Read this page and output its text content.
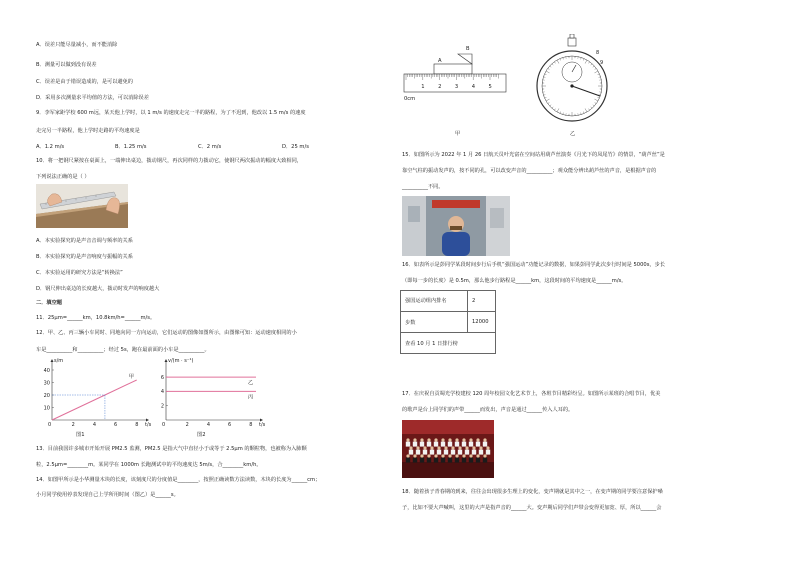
A．误差只能尽量减小，而不能消除
B．测量可以做到没有误差
C．误差是由于错误造成的，是可以避免的
D．采用多次测量求平均值的方法，可以消除误差
9．李军家距学校 600 m远，某天他上学时，以 1 m/s 的速度走完一半的路程，为了不迟到，他改以 1.5 m/s 的速度
走完另一半路程，他上学时走路的平均速度是
A．1.2 m/s	B．1.25 m/s	C．2 m/s	D．25 m/s
10．将一把钢尺紧按在桌面上，一端伸出桌边，拨动钢尺，再次同样的力拨动它，使钢尺两次振动的幅度大致相同，
下列说法正确的是（ ）
A．本实验探究的是声音音调与频率的关系
B．本实验探究的是声音响度与振幅的关系
C．本实验运用的研究方法是“转换法”
D．钢尺伸出桌边的长度越大，拨动时发声的响度越大
二．填空题
11．25μm=______km，10.8km/h=______m/s。
12．甲、乙、丙三辆小车同时、同地向同一方向运动，它们运动的图像如图所示，由图像可知：运动速度相同的小
车是__________和__________；经过 5s，跑在最前面的小车是__________。
0	2	4	6	8
10
20
30
40
t/s
s/m
甲
0	2	4	6	8
2
4
6
t/s
v/(m · s⁻¹)
乙
丙
图1	图2
13．目前我国许多城市开始开展 PM2.5 监测，PM2.5 是指大气中直径小于或等于 2.5μm 的颗粒物，也被称为入肺颗
粒，2.5μm=________m。某同学在 1000m 长跑测试中的平均速度达 5m/s，合________km/h。
14．如图甲所示是小华测量木块的长度，该刻度尺的分度值是________，按照正确读数方法读数，木块的长度为______cm；
小月同学使用停表发现自己上学所用时间（图乙）是______s。
0cm
1	2	3	4	5
A
B
甲
8
9
乙
15．如图所示为 2022 年 1 月 26 日航天员叶光富在空间站用葫芦丝演奏《月光下的凤尾竹》的情景，“葫芦丝”是
靠空气柱的振动发声的，按不同的孔，可以改变声音的__________；观众能分辨出葫芦丝的声音，是根据声音的
__________不同。
16．如表所示是彭同学某段时间步行后手机“强国运动”功能记录的数据，如果彭同学此次步行时间是 5000s，步长
（即每一步的长度）是 0.5m，那么他步行路程是______km，这段时间的平均速度是______m/s。
强国运动组内排名	2
步数	12000
查看 10 月 1 日排行榜	
17．在庆祝自贡蜀光学校建校 120 周年校园文化艺术节上，各班节目精彩纷呈。如图所示某班的合唱节目，优美
的歌声是台上同学们的声带______而发出，声音是通过______传入人耳的。
18．随着孩子青春期的到来，往往会出现很多生理上的变化，变声期就是其中之一，在变声期的同学要注意保护嗓
子，比如不要大声喊叫，这里的大声是指声音的______大。变声期后同学们声带会变得更加宽、厚，所以______会
